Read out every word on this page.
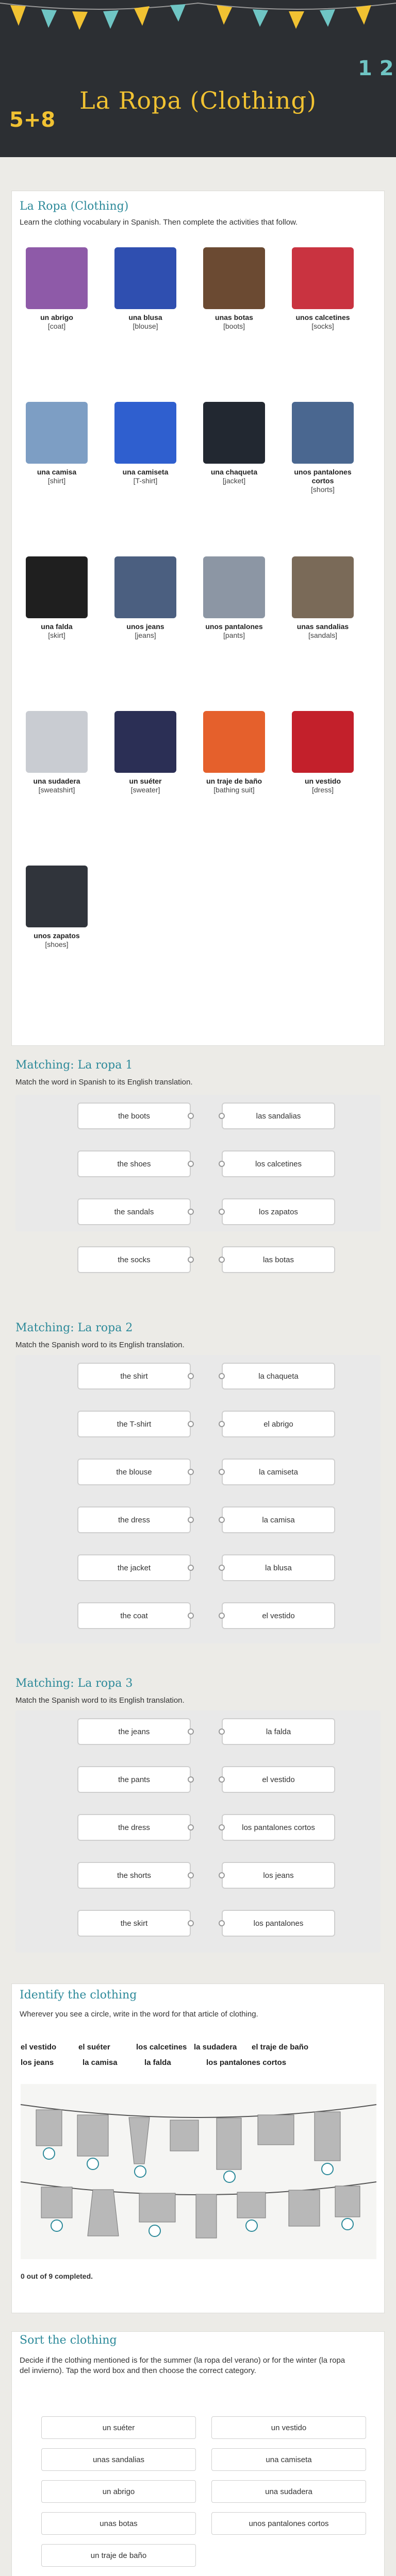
5+8
1 2
La Ropa (Clothing)
La Ropa (Clothing)
Learn the clothing vocabulary in Spanish. Then complete the activities that follow.
un abrigo
[coat]
una blusa
[blouse]
unas botas
[boots]
unos calcetines
[socks]
una camisa
[shirt]
una camiseta
[T-shirt]
una chaqueta
[jacket]
unos pantalones cortos
[shorts]
una falda
[skirt]
unos jeans
[jeans]
unos pantalones
[pants]
unas sandalias
[sandals]
una sudadera
[sweatshirt]
un suéter
[sweater]
un traje de baño
[bathing suit]
un vestido
[dress]
unos zapatos
[shoes]
Matching: La ropa 1
Match the word in Spanish to its English translation.
the boots	las sandalias
the shoes	los calcetines
the sandals	los zapatos
the socks	las botas
Matching: La ropa 2
Match the Spanish word to its English translation.
the shirt	la chaqueta
the T-shirt	el abrigo
the blouse	la camiseta
the dress	la camisa
the jacket	la blusa
the coat	el vestido
Matching: La ropa 3
Match the Spanish word to its English translation.
the jeans	la falda
the pants	el vestido
the dress	los pantalones cortos
the shorts	los jeans
the skirt	los pantalones
Identify the clothing
Wherever you see a circle, write in the word for that article of clothing.
el vestido	el suéter	los calcetines la sudadera el traje de baño
los jeans	la camisa	la falda	los pantalones cortos
0 out of 9 completed.
Sort the clothing
Decide if the clothing mentioned is for the summer (la ropa del verano) or for the winter (la ropa del invierno). Tap the word box and then choose the correct category.
un suéter
unas sandalias
un abrigo
unas botas
un traje de baño
un vestido
una camiseta
una sudadera
unos pantalones cortos
